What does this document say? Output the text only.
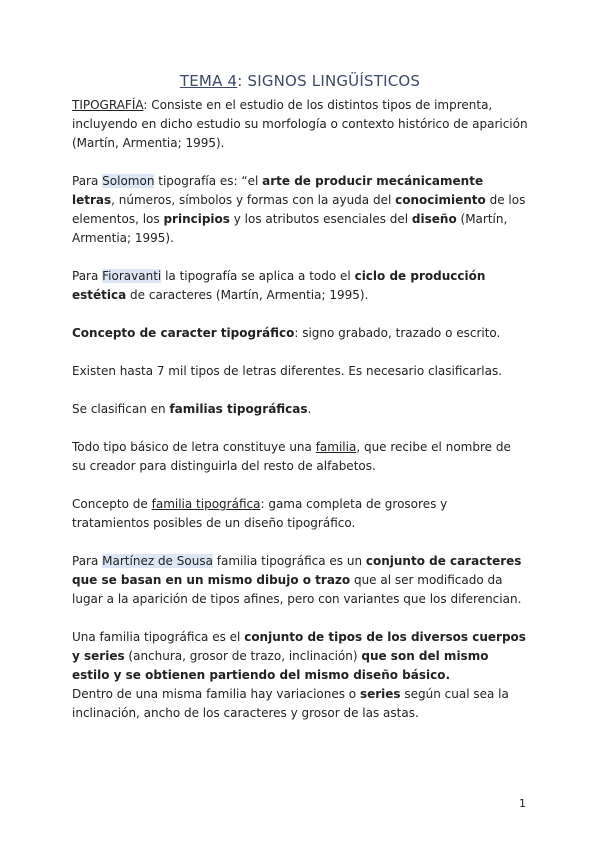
TEMA 4: SIGNOS LINGÜÍSTICOS

TIPOGRAFÍA: Consiste en el estudio de los distintos tipos de imprenta, incluyendo en dicho estudio su morfología o contexto histórico de aparición (Martín, Armentia; 1995).

Para Solomon tipografía es: “el arte de producir mecánicamente letras, números, símbolos y formas con la ayuda del conocimiento de los elementos, los principios y los atributos esenciales del diseño (Martín, Armentia; 1995).

Para Fioravanti la tipografía se aplica a todo el ciclo de producción estética de caracteres (Martín, Armentia; 1995).

Concepto de caracter tipográfico: signo grabado, trazado o escrito.

Existen hasta 7 mil tipos de letras diferentes. Es necesario clasificarlas.

Se clasifican en familias tipográficas.

Todo tipo básico de letra constituye una familia, que recibe el nombre de su creador para distinguirla del resto de alfabetos.

Concepto de familia tipográfica: gama completa de grosores y tratamientos posibles de un diseño tipográfico.

Para Martínez de Sousa familia tipográfica es un conjunto de caracteres que se basan en un mismo dibujo o trazo que al ser modificado da lugar a la aparición de tipos afines, pero con variantes que los diferencian.

Una familia tipográfica es el conjunto de tipos de los diversos cuerpos y series (anchura, grosor de trazo, inclinación) que son del mismo estilo y se obtienen partiendo del mismo diseño básico.

Dentro de una misma familia hay variaciones o series según cual sea la inclinación, ancho de los caracteres y grosor de las astas.

1
